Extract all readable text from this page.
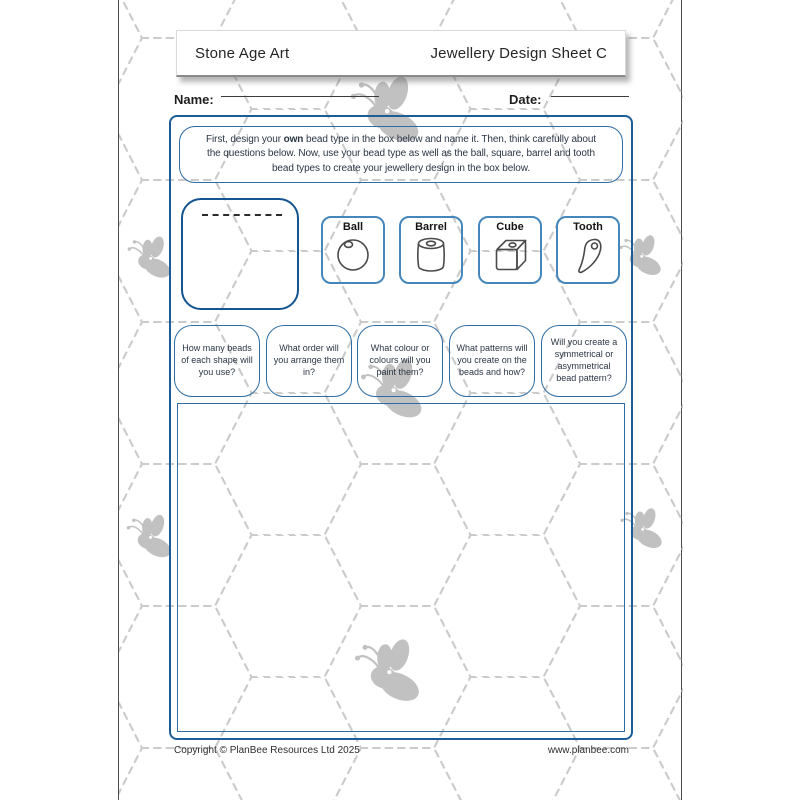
Name:	Date:
Stone Age Art	Jewellery Design Sheet C
First, design your own bead type in the box below and name it. Then, think carefully about
the questions below. Now, use your bead type as well as the ball, square, barrel and tooth
bead types to create your jewellery design in the box below.
Ball	Barrel	Cube	Tooth
How many beads of each shape will you use?
What order will you arrange them in?
What colour or colours will you paint them?
What patterns will you create on the beads and how?
Will you create a symmetrical or asymmetrical bead pattern?
Copyright © PlanBee Resources Ltd 2025	www.planbee.com
